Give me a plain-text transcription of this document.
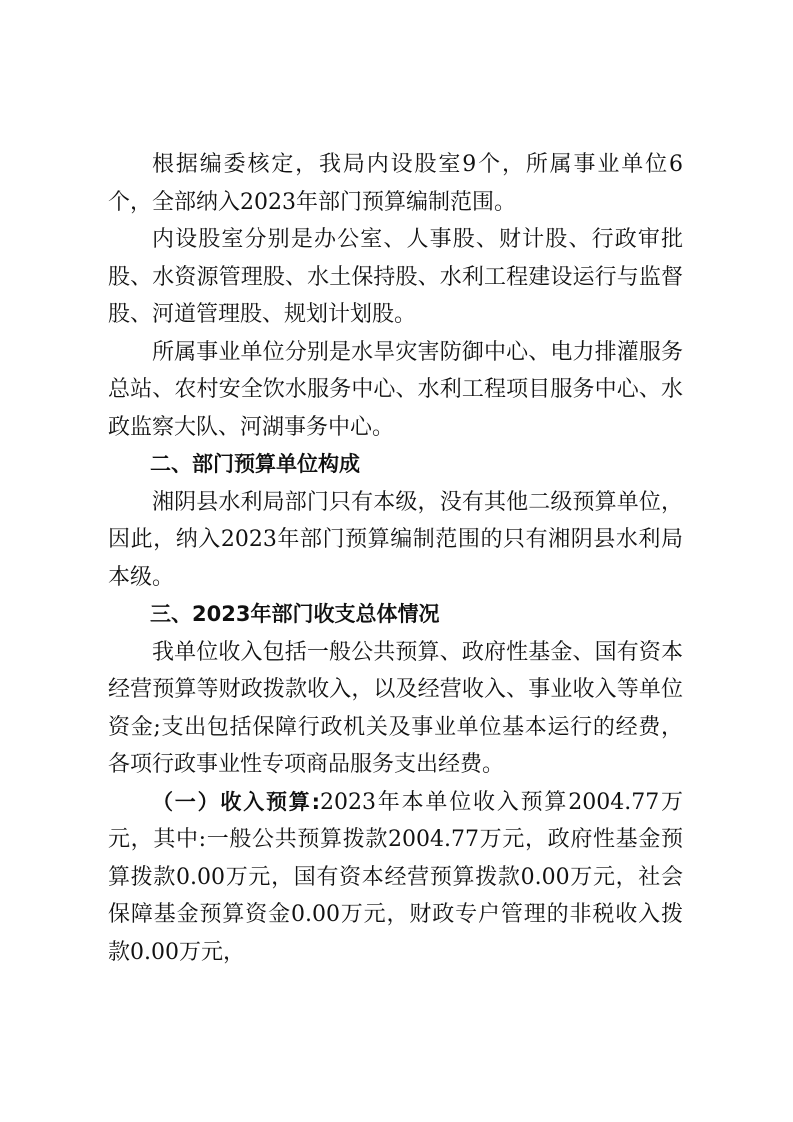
根据编委核定，我局内设股室9个，所属事业单位6个，全部纳入2023年部门预算编制范围。

内设股室分别是办公室、人事股、财计股、行政审批股、水资源管理股、水土保持股、水利工程建设运行与监督股、河道管理股、规划计划股。

所属事业单位分别是水旱灾害防御中心、电力排灌服务总站、农村安全饮水服务中心、水利工程项目服务中心、水政监察大队、河湖事务中心。

二、部门预算单位构成

湘阴县水利局部门只有本级，没有其他二级预算单位，因此，纳入2023年部门预算编制范围的只有湘阴县水利局本级。

三、2023年部门收支总体情况

我单位收入包括一般公共预算、政府性基金、国有资本经营预算等财政拨款收入，以及经营收入、事业收入等单位资金;支出包括保障行政机关及事业单位基本运行的经费，各项行政事业性专项商品服务支出经费。

（一）收入预算:2023年本单位收入预算2004.77万元，其中:一般公共预算拨款2004.77万元，政府性基金预算拨款0.00万元，国有资本经营预算拨款0.00万元，社会保障基金预算资金0.00万元，财政专户管理的非税收入拨款0.00万元，
